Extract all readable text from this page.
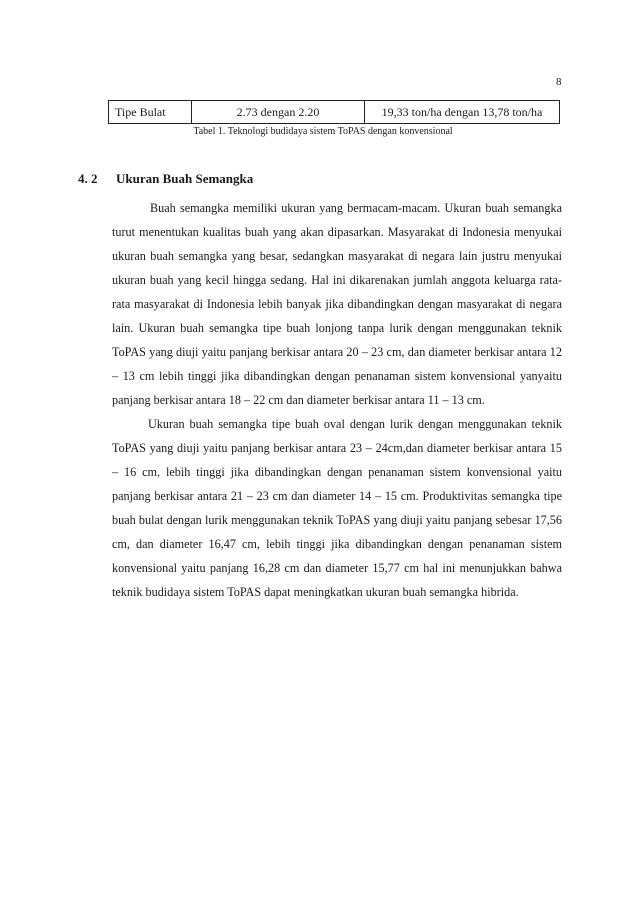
8
Tipe Bulat	2.73 dengan 2.20	19,33 ton/ha dengan 13,78 ton/ha
Tabel 1. Teknologi budidaya sistem ToPAS dengan konvensional
4. 2 Ukuran Buah Semangka

Buah semangka memiliki ukuran yang bermacam-macam. Ukuran buah semangka turut menentukan kualitas buah yang akan dipasarkan. Masyarakat di Indonesia menyukai ukuran buah semangka yang besar, sedangkan masyarakat di negara lain justru menyukai ukuran buah yang kecil hingga sedang. Hal ini dikarenakan jumlah anggota keluarga rata-rata masyarakat di Indonesia lebih banyak jika dibandingkan dengan masyarakat di negara lain. Ukuran buah semangka tipe buah lonjong tanpa lurik dengan menggunakan teknik ToPAS yang diuji yaitu panjang berkisar antara 20 – 23 cm, dan diameter berkisar antara 12 – 13 cm lebih tinggi jika dibandingkan dengan penanaman sistem konvensional yanyaitu panjang berkisar antara 18 – 22 cm dan diameter berkisar antara 11 – 13 cm.

Ukuran buah semangka tipe buah oval dengan lurik dengan menggunakan teknik ToPAS yang diuji yaitu panjang berkisar antara 23 – 24cm,dan diameter berkisar antara 15 – 16 cm, lebih tinggi jika dibandingkan dengan penanaman sistem konvensional yaitu panjang berkisar antara 21 – 23 cm dan diameter 14 – 15 cm. Produktivitas semangka tipe buah bulat dengan lurik menggunakan teknik ToPAS yang diuji yaitu panjang sebesar 17,56 cm, dan diameter 16,47 cm, lebih tinggi jika dibandingkan dengan penanaman sistem konvensional yaitu panjang 16,28 cm dan diameter 15,77 cm hal ini menunjukkan bahwa teknik budidaya sistem ToPAS dapat meningkatkan ukuran buah semangka hibrida.
